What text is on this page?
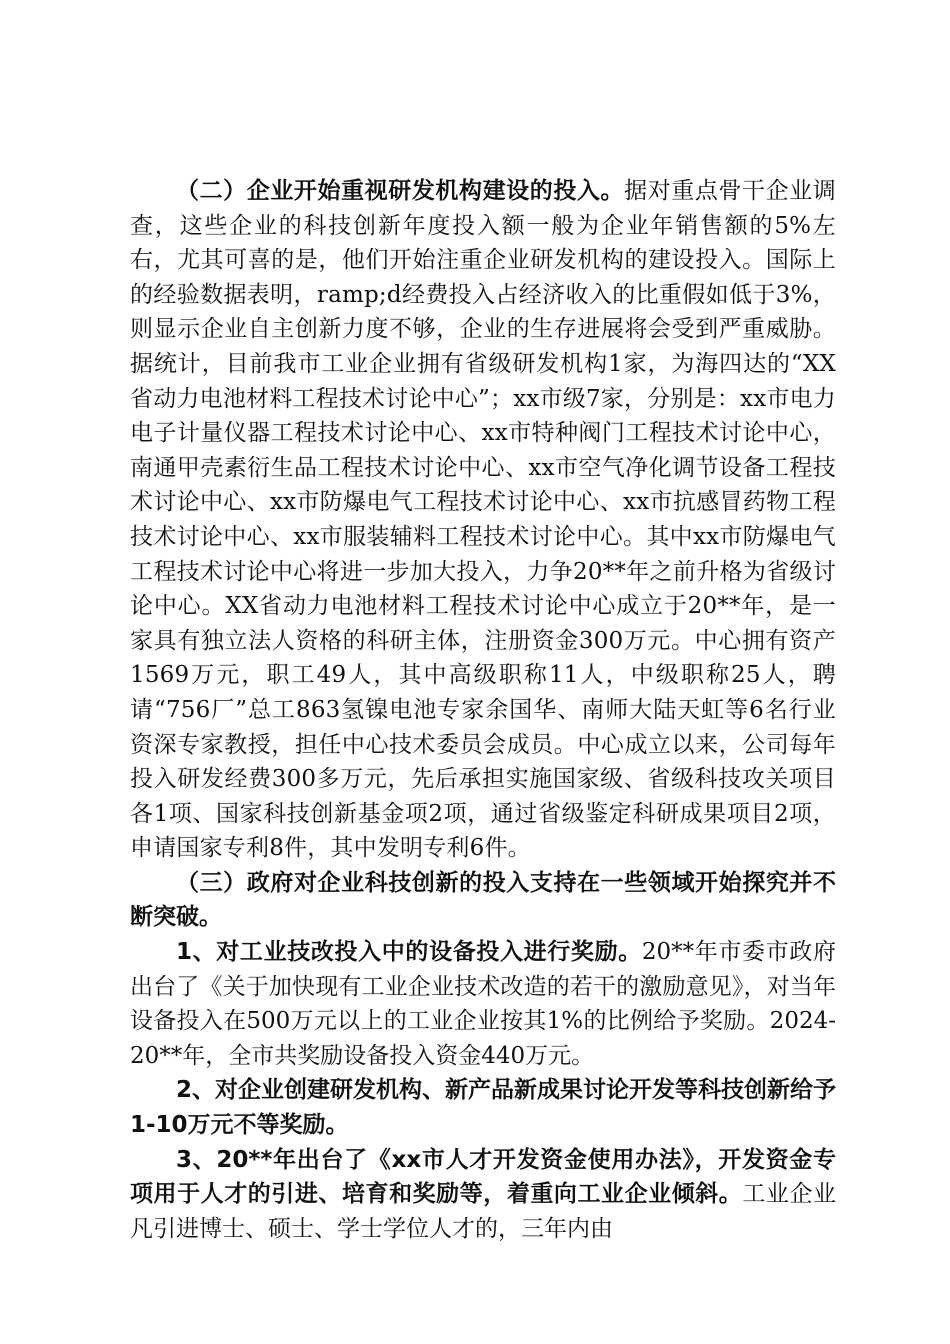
（二）企业开始重视研发机构建设的投入。据对重点骨干企业调查，这些企业的科技创新年度投入额一般为企业年销售额的5%左右，尤其可喜的是，他们开始注重企业研发机构的建设投入。国际上的经验数据表明，ramp;d经费投入占经济收入的比重假如低于3%，则显示企业自主创新力度不够，企业的生存进展将会受到严重威胁。据统计，目前我市工业企业拥有省级研发机构1家，为海四达的“XX省动力电池材料工程技术讨论中心”；xx市级7家，分别是：xx市电力电子计量仪器工程技术讨论中心、xx市特种阀门工程技术讨论中心，南通甲壳素衍生品工程技术讨论中心、xx市空气净化调节设备工程技术讨论中心、xx市防爆电气工程技术讨论中心、xx市抗感冒药物工程技术讨论中心、xx市服装辅料工程技术讨论中心。其中xx市防爆电气工程技术讨论中心将进一步加大投入，力争20**年之前升格为省级讨论中心。XX省动力电池材料工程技术讨论中心成立于20**年，是一家具有独立法人资格的科研主体，注册资金300万元。中心拥有资产1569万元，职工49人，其中高级职称11人，中级职称25人，聘请“756厂”总工863氢镍电池专家余国华、南师大陆天虹等6名行业资深专家教授，担任中心技术委员会成员。中心成立以来，公司每年投入研发经费300多万元，先后承担实施国家级、省级科技攻关项目各1项、国家科技创新基金项2项，通过省级鉴定科研成果项目2项，申请国家专利8件，其中发明专利6件。

（三）政府对企业科技创新的投入支持在一些领域开始探究并不断突破。

1、对工业技改投入中的设备投入进行奖励。20**年市委市政府出台了《关于加快现有工业企业技术改造的若干的激励意见》，对当年设备投入在500万元以上的工业企业按其1%的比例给予奖励。2024-20**年，全市共奖励设备投入资金440万元。

2、对企业创建研发机构、新产品新成果讨论开发等科技创新给予1-10万元不等奖励。

3、20**年出台了《xx市人才开发资金使用办法》，开发资金专项用于人才的引进、培育和奖励等，着重向工业企业倾斜。工业企业凡引进博士、硕士、学士学位人才的，三年内由
